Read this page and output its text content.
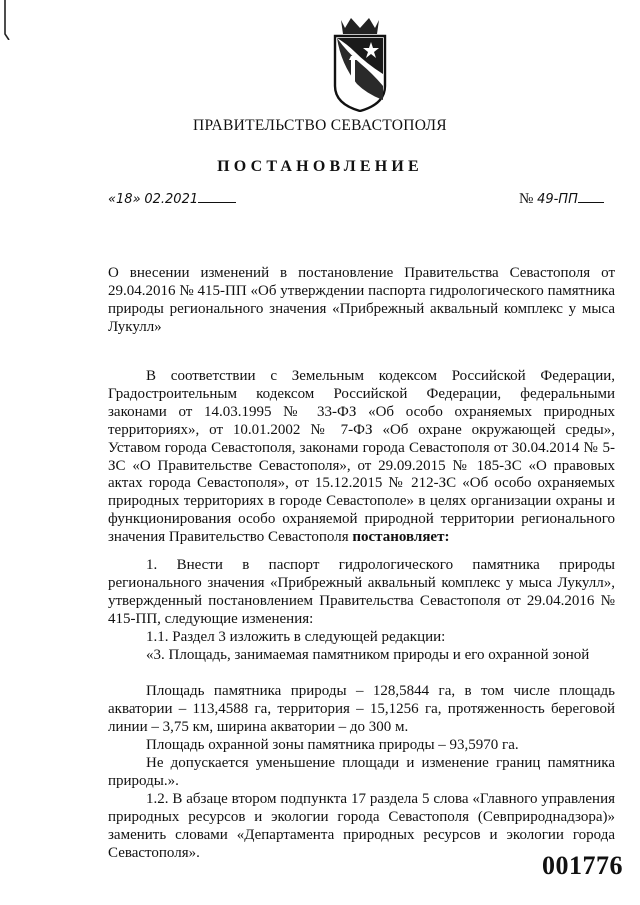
ПРАВИТЕЛЬСТВО СЕВАСТОПОЛЯ
ПОСТАНОВЛЕНИЕ
«18» 02.2021	№ 49-ПП
О внесении изменений в постановление Правительства Севастополя от 29.04.2016 № 415-ПП «Об утверждении паспорта гидрологического памятника природы регионального значения «Прибрежный аквальный комплекс у мыса Лукулл»
В соответствии с Земельным кодексом Российской Федерации, Градостроительным кодексом Российской Федерации, федеральными законами от 14.03.1995 № 33-ФЗ «Об особо охраняемых природных территориях», от 10.01.2002 № 7-ФЗ «Об охране окружающей среды», Уставом города Севастополя, законами города Севастополя от 30.04.2014 № 5-ЗС «О Правительстве Севастополя», от 29.09.2015 № 185-ЗС «О правовых актах города Севастополя», от 15.12.2015 № 212-ЗС «Об особо охраняемых природных территориях в городе Севастополе» в целях организации охраны и функционирования особо охраняемой природной территории регионального значения Правительство Севастополя постановляет:
1. Внести в паспорт гидрологического памятника природы регионального значения «Прибрежный аквальный комплекс у мыса Лукулл», утвержденный постановлением Правительства Севастополя от 29.04.2016 № 415-ПП, следующие изменения:
1.1. Раздел 3 изложить в следующей редакции:
«3. Площадь, занимаемая памятником природы и его охранной зоной
Площадь памятника природы – 128,5844 га, в том числе площадь акватории – 113,4588 га, территория – 15,1256 га, протяженность береговой линии – 3,75 км, ширина акватории – до 300 м.
Площадь охранной зоны памятника природы – 93,5970 га.
Не допускается уменьшение площади и изменение границ памятника природы.».
1.2. В абзаце втором подпункта 17 раздела 5 слова «Главного управления природных ресурсов и экологии города Севастополя (Севприроднадзора)» заменить словами «Департамента природных ресурсов и экологии города Севастополя».	001776
